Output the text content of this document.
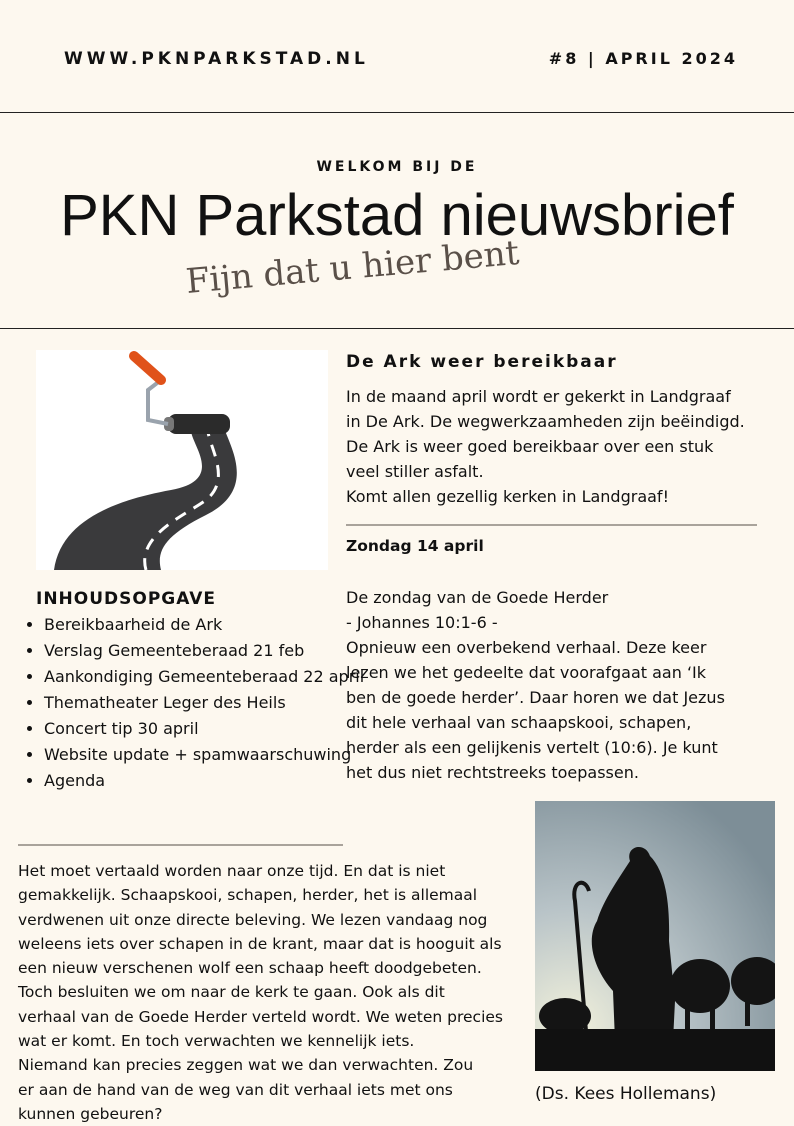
WWW.PKNPARKSTAD.NL	#8 | APRIL 2024
WELKOM BIJ DE
PKN Parkstad nieuwsbrief
Fijn dat u hier bent
De Ark weer bereikbaar
In de maand april wordt er gekerkt in Landgraaf
in De Ark. De wegwerkzaamheden zijn beëindigd.
De Ark is weer goed bereikbaar over een stuk
veel stiller asfalt.
Komt allen gezellig kerken in Landgraaf!
Zondag 14 april
De zondag van de Goede Herder
- Johannes 10:1-6 -
Opnieuw een overbekend verhaal. Deze keer
lezen we het gedeelte dat voorafgaat aan ‘Ik
ben de goede herder’. Daar horen we dat Jezus
dit hele verhaal van schaapskooi, schapen,
herder als een gelijkenis vertelt (10:6). Je kunt
het dus niet rechtstreeks toepassen.
INHOUDSOPGAVE
• Bereikbaarheid de Ark
• Verslag Gemeenteberaad 21 feb
• Aankondiging Gemeenteberaad 22 april
• Thematheater Leger des Heils
• Concert tip 30 april
• Website update + spamwaarschuwing
• Agenda
Het moet vertaald worden naar onze tijd. En dat is niet
gemakkelijk. Schaapskooi, schapen, herder, het is allemaal
verdwenen uit onze directe beleving. We lezen vandaag nog
weleens iets over schapen in de krant, maar dat is hooguit als
een nieuw verschenen wolf een schaap heeft doodgebeten.
Toch besluiten we om naar de kerk te gaan. Ook als dit
verhaal van de Goede Herder verteld wordt. We weten precies
wat er komt. En toch verwachten we kennelijk iets.
Niemand kan precies zeggen wat we dan verwachten. Zou
er aan de hand van de weg van dit verhaal iets met ons
kunnen gebeuren?
(Ds. Kees Hollemans)
